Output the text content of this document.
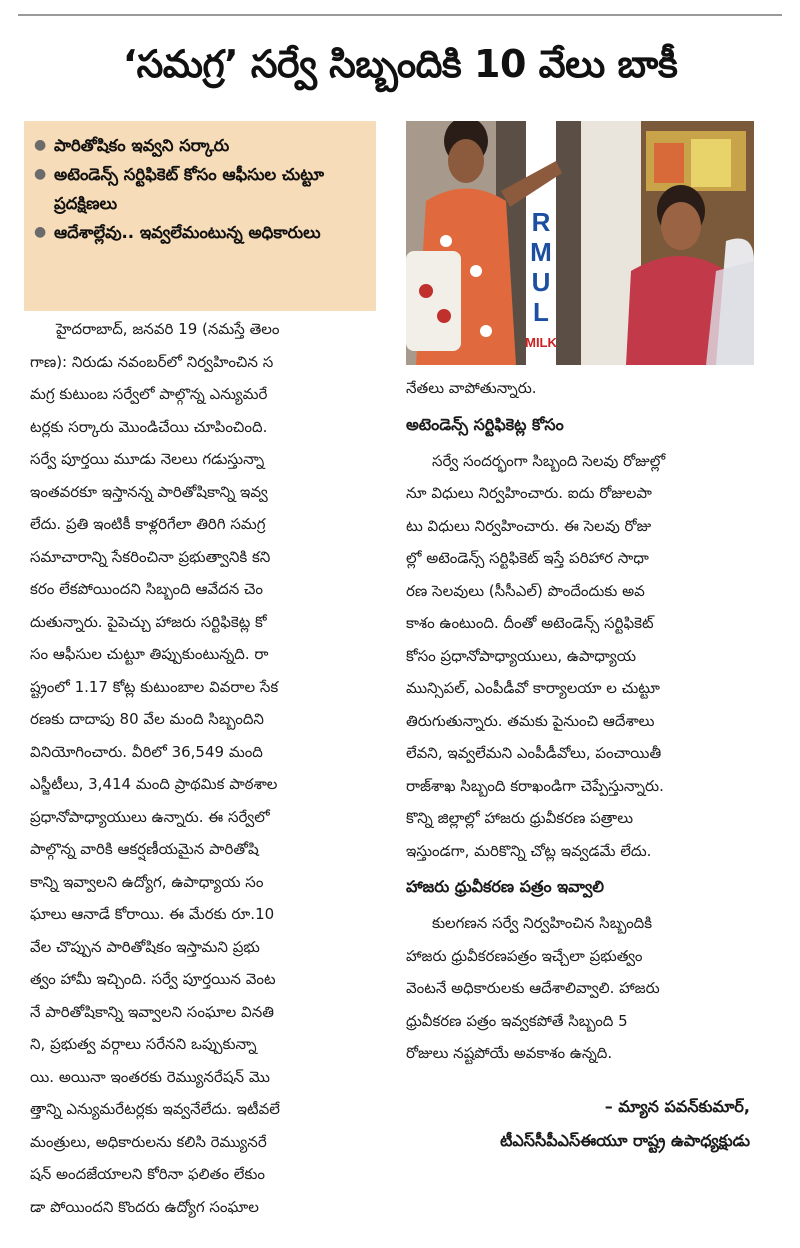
‘సమగ్ర’ సర్వే సిబ్బందికి 10 వేలు బాకీ
● పారితోషికం ఇవ్వని సర్కారు
● అటెండెన్స్ సర్టిఫికెట్ కోసం ఆఫీసుల చుట్టూ ప్రదక్షిణలు
● ఆదేశాల్లేవు.. ఇవ్వలేమంటున్న అధికారులు	R
M
U
L
MILK
హైదరాబాద్, జనవరి 19 (నమస్తే తెలం
గాణ): నిరుడు నవంబర్‌లో నిర్వహించిన స
మగ్ర కుటుంబ సర్వేలో పాల్గొన్న ఎన్యుమరే
టర్లకు సర్కారు మొండిచేయి చూపించింది.
సర్వే పూర్తయి మూడు నెలలు గడుస్తున్నా
ఇంతవరకూ ఇస్తానన్న పారితోషికాన్ని ఇవ్వ
లేదు. ప్రతి ఇంటికీ కాళ్లరిగేలా తిరిగి సమగ్ర
సమాచారాన్ని సేకరించినా ప్రభుత్వానికి కని
కరం లేకపోయిందని సిబ్బంది ఆవేదన చెం
దుతున్నారు. పైపెచ్చు హాజరు సర్టిఫికెట్ల కో
సం ఆఫీసుల చుట్టూ తిప్పుకుంటున్నది. రా
ష్ట్రంలో 1.17 కోట్ల కుటుంబాల వివరాల సేక
రణకు దాదాపు 80 వేల మంది సిబ్బందిని
వినియోగించారు. వీరిలో 36,549 మంది
ఎస్జీటీలు, 3,414 మంది ప్రాథమిక పాఠశాల
ప్రధానోపాధ్యాయులు ఉన్నారు. ఈ సర్వేలో
పాల్గొన్న వారికి ఆకర్షణీయమైన పారితోషి
కాన్ని ఇవ్వాలని ఉద్యోగ, ఉపాధ్యాయ సం
ఘాలు ఆనాడే కోరాయి. ఈ మేరకు రూ.10
వేల చొప్పున పారితోషికం ఇస్తామని ప్రభు
త్వం హామీ ఇచ్చింది. సర్వే పూర్తయిన వెంట
నే పారితోషికాన్ని ఇవ్వాలని సంఘాల వినతి
ని, ప్రభుత్వ వర్గాలు సరేనని ఒప్పుకున్నా
యి. అయినా ఇంతరకు రెమ్యునరేషన్ మొ
త్తాన్ని ఎన్యుమరేటర్లకు ఇవ్వనేలేదు. ఇటీవలే
మంత్రులు, అధికారులను కలిసి రెమ్యునరే
షన్ అందజేయాలని కోరినా ఫలితం లేకుం
డా పోయిందని కొందరు ఉద్యోగ సంఘాల
నేతలు వాపోతున్నారు.
అటెండెన్స్ సర్టిఫికెట్ల కోసం
సర్వే సందర్భంగా సిబ్బంది సెలవు రోజుల్లో
నూ విధులు నిర్వహించారు. ఐదు రోజులపా
టు విధులు నిర్వహించారు. ఈ సెలవు రోజు
ల్లో అటెండెన్స్ సర్టిఫికెట్ ఇస్తే పరిహార సాధా
రణ సెలవులు (సీసీఎల్) పొందేందుకు అవ
కాశం ఉంటుంది. దీంతో అటెండెన్స్ సర్టిఫికెట్
కోసం ప్రధానోపాధ్యాయులు, ఉపాధ్యాయ
మున్సిపల్, ఎంపీడీవో కార్యాలయా ల చుట్టూ
తిరుగుతున్నారు. తమకు పైనుంచి ఆదేశాలు
లేవని, ఇవ్వలేమని ఎంపీడీవోలు, పంచాయితీ
రాజ్‌శాఖ సిబ్బంది కరాఖండిగా చెప్పేస్తున్నారు.
కొన్ని జిల్లాల్లో హాజరు ధ్రువీకరణ పత్రాలు
ఇస్తుండగా, మరికొన్ని చోట్ల ఇవ్వడమే లేదు.
హాజరు ధ్రువీకరణ పత్రం ఇవ్వాలి
కులగణన సర్వే నిర్వహించిన సిబ్బందికి
హాజరు ధ్రువీకరణపత్రం ఇచ్చేలా ప్రభుత్వం
వెంటనే అధికారులకు ఆదేశాలివ్వాలి. హాజరు
ధ్రువీకరణ పత్రం ఇవ్వకపోతే సిబ్బంది 5
రోజులు నష్టపోయే అవకాశం ఉన్నది.
– మ్యాన పవన్‌కుమార్,
టీఎస్‌సీపీఎస్ఈయూ రాష్ట్ర ఉపాధ్యక్షుడు
